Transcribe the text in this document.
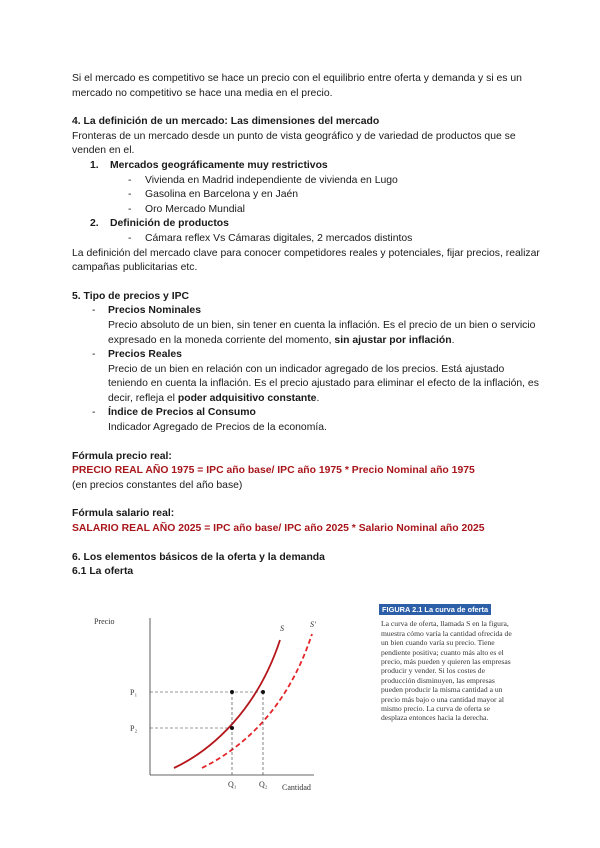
Si el mercado es competitivo se hace un precio con el equilibrio entre oferta y demanda y si es un mercado no competitivo se hace una media en el precio.

4. La definición de un mercado: Las dimensiones del mercado

Fronteras de un mercado desde un punto de vista geográfico y de variedad de productos que se venden en el.

1. Mercados geográficamente muy restrictivos
- Vivienda en Madrid independiente de vivienda en Lugo
- Gasolina en Barcelona y en Jaén
- Oro Mercado Mundial
2. Definición de productos
- Cámara reflex Vs Cámaras digitales, 2 mercados distintos

La definición del mercado clave para conocer competidores reales y potenciales, fijar precios, realizar campañas publicitarias etc.

5. Tipo de precios y IPC

- Precios Nominales

Precio absoluto de un bien, sin tener en cuenta la inflación. Es el precio de un bien o servicio expresado en la moneda corriente del momento, sin ajustar por inflación.

- Precios Reales

Precio de un bien en relación con un indicador agregado de los precios. Está ajustado teniendo en cuenta la inflación. Es el precio ajustado para eliminar el efecto de la inflación, es decir, refleja el poder adquisitivo constante.

- Índice de Precios al Consumo

Indicador Agregado de Precios de la economía.

Fórmula precio real:

PRECIO REAL AÑO 1975 = IPC año base/ IPC año 1975 * Precio Nominal año 1975

(en precios constantes del año base)

Fórmula salario real:

SALARIO REAL AÑO 2025 = IPC año base/ IPC año 2025 * Salario Nominal año 2025

6. Los elementos básicos de la oferta y la demanda

6.1 La oferta

Precio
Cantidad
S	S'
P₁
P₂
Q₁	Q₂
FIGURA 2.1 La curva de oferta

La curva de oferta, llamada S en la figura, muestra cómo varía la cantidad ofrecida de un bien cuando varía su precio. Tiene pendiente positiva; cuanto más alto es el precio, más pueden y quieren las empresas producir y vender. Si los costes de producción disminuyen, las empresas pueden producir la misma cantidad a un precio más bajo o una cantidad mayor al mismo precio. La curva de oferta se desplaza entonces hacia la derecha.
